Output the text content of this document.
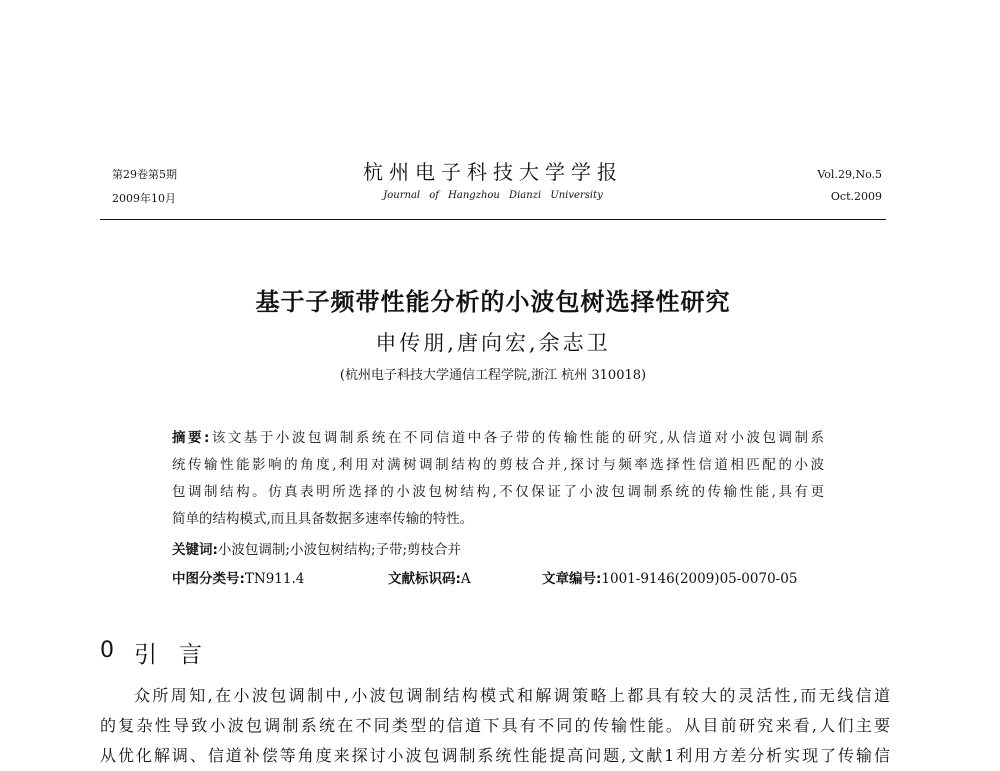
第29卷第5期
2009年10月
杭州电子科技大学学报
Journal of Hangzhou Dianzi University
Vol.29,No.5
Oct.2009
基于子频带性能分析的小波包树选择性研究
申传朋,唐向宏,余志卫
(杭州电子科技大学通信工程学院,浙江 杭州 310018)
摘要:该文基于小波包调制系统在不同信道中各子带的传输性能的研究,从信道对小波包调制系
统传输性能影响的角度,利用对满树调制结构的剪枝合并,探讨与频率选择性信道相匹配的小波
包调制结构。仿真表明所选择的小波包树结构,不仅保证了小波包调制系统的传输性能,具有更
简单的结构模式,而且具备数据多速率传输的特性。
关键词:小波包调制;小波包树结构;子带;剪枝合并
中图分类号:TN911.4	文献标识码:A	文章编号:1001-9146(2009)05-0070-05
0 引言
众所周知,在小波包调制中,小波包调制结构模式和解调策略上都具有较大的灵活性,而无线信道
的复杂性导致小波包调制系统在不同类型的信道下具有不同的传输性能。从目前研究来看,人们主要
从优化解调、信道补偿等角度来探讨小波包调制系统性能提高问题,文献1利用方差分析实现了传输信
